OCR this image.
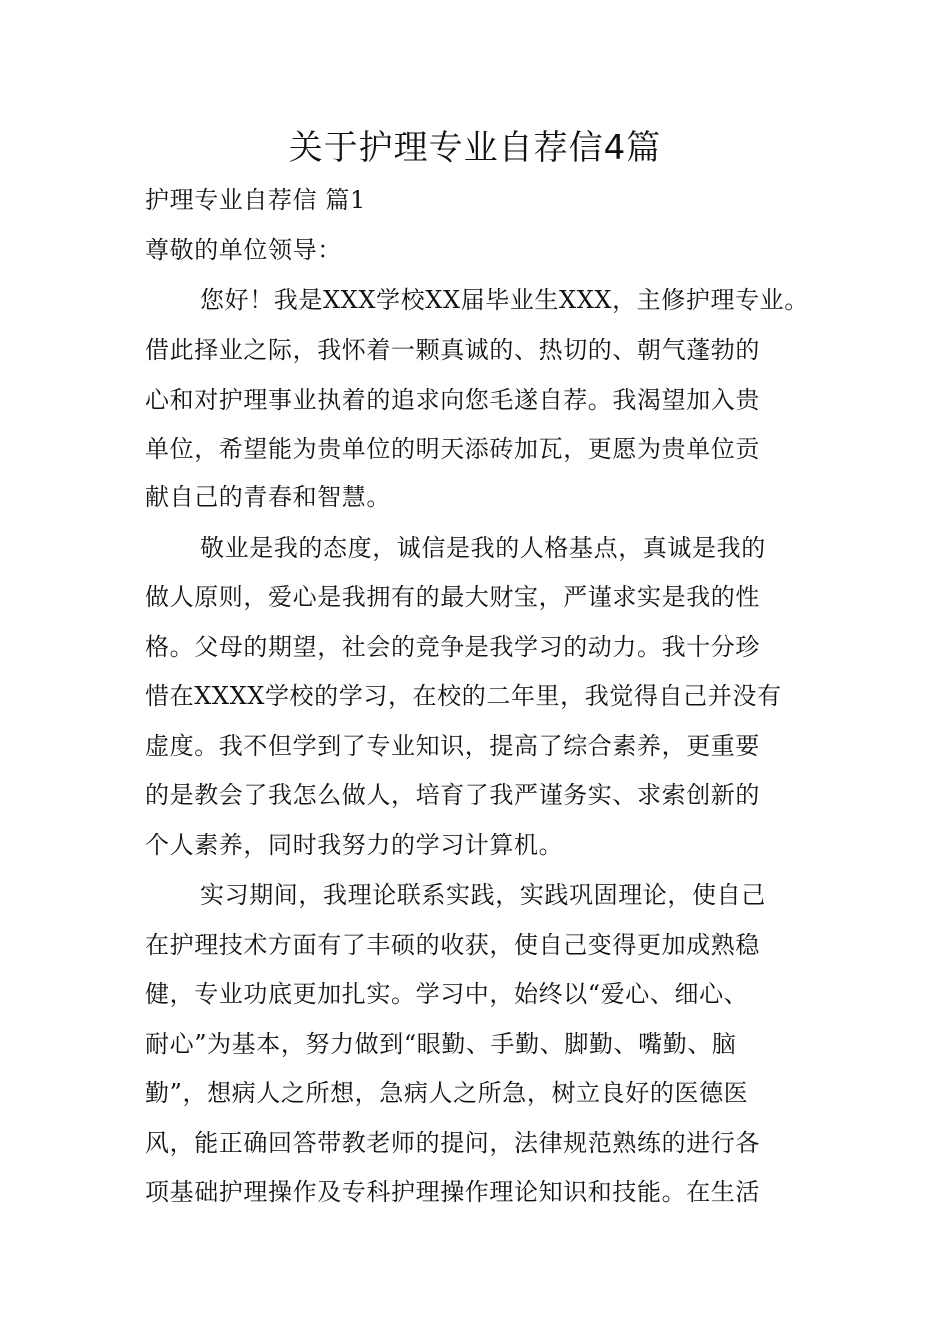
关于护理专业自荐信4篇
护理专业自荐信 篇1
尊敬的单位领导：
您好！我是XXX学校XX届毕业生XXX，主修护理专业。
借此择业之际，我怀着一颗真诚的、热切的、朝气蓬勃的
心和对护理事业执着的追求向您毛遂自荐。我渴望加入贵
单位，希望能为贵单位的明天添砖加瓦，更愿为贵单位贡
献自己的青春和智慧。
敬业是我的态度，诚信是我的人格基点，真诚是我的
做人原则，爱心是我拥有的最大财宝，严谨求实是我的性
格。父母的期望，社会的竞争是我学习的动力。我十分珍
惜在XXXX学校的学习，在校的二年里，我觉得自己并没有
虚度。我不但学到了专业知识，提高了综合素养，更重要
的是教会了我怎么做人，培育了我严谨务实、求索创新的
个人素养，同时我努力的学习计算机。
实习期间，我理论联系实践，实践巩固理论，使自己
在护理技术方面有了丰硕的收获，使自己变得更加成熟稳
健，专业功底更加扎实。学习中，始终以“爱心、细心、
耐心”为基本，努力做到“眼勤、手勤、脚勤、嘴勤、脑
勤”，想病人之所想，急病人之所急，树立良好的医德医
风，能正确回答带教老师的提问，法律规范熟练的进行各
项基础护理操作及专科护理操作理论知识和技能。在生活
